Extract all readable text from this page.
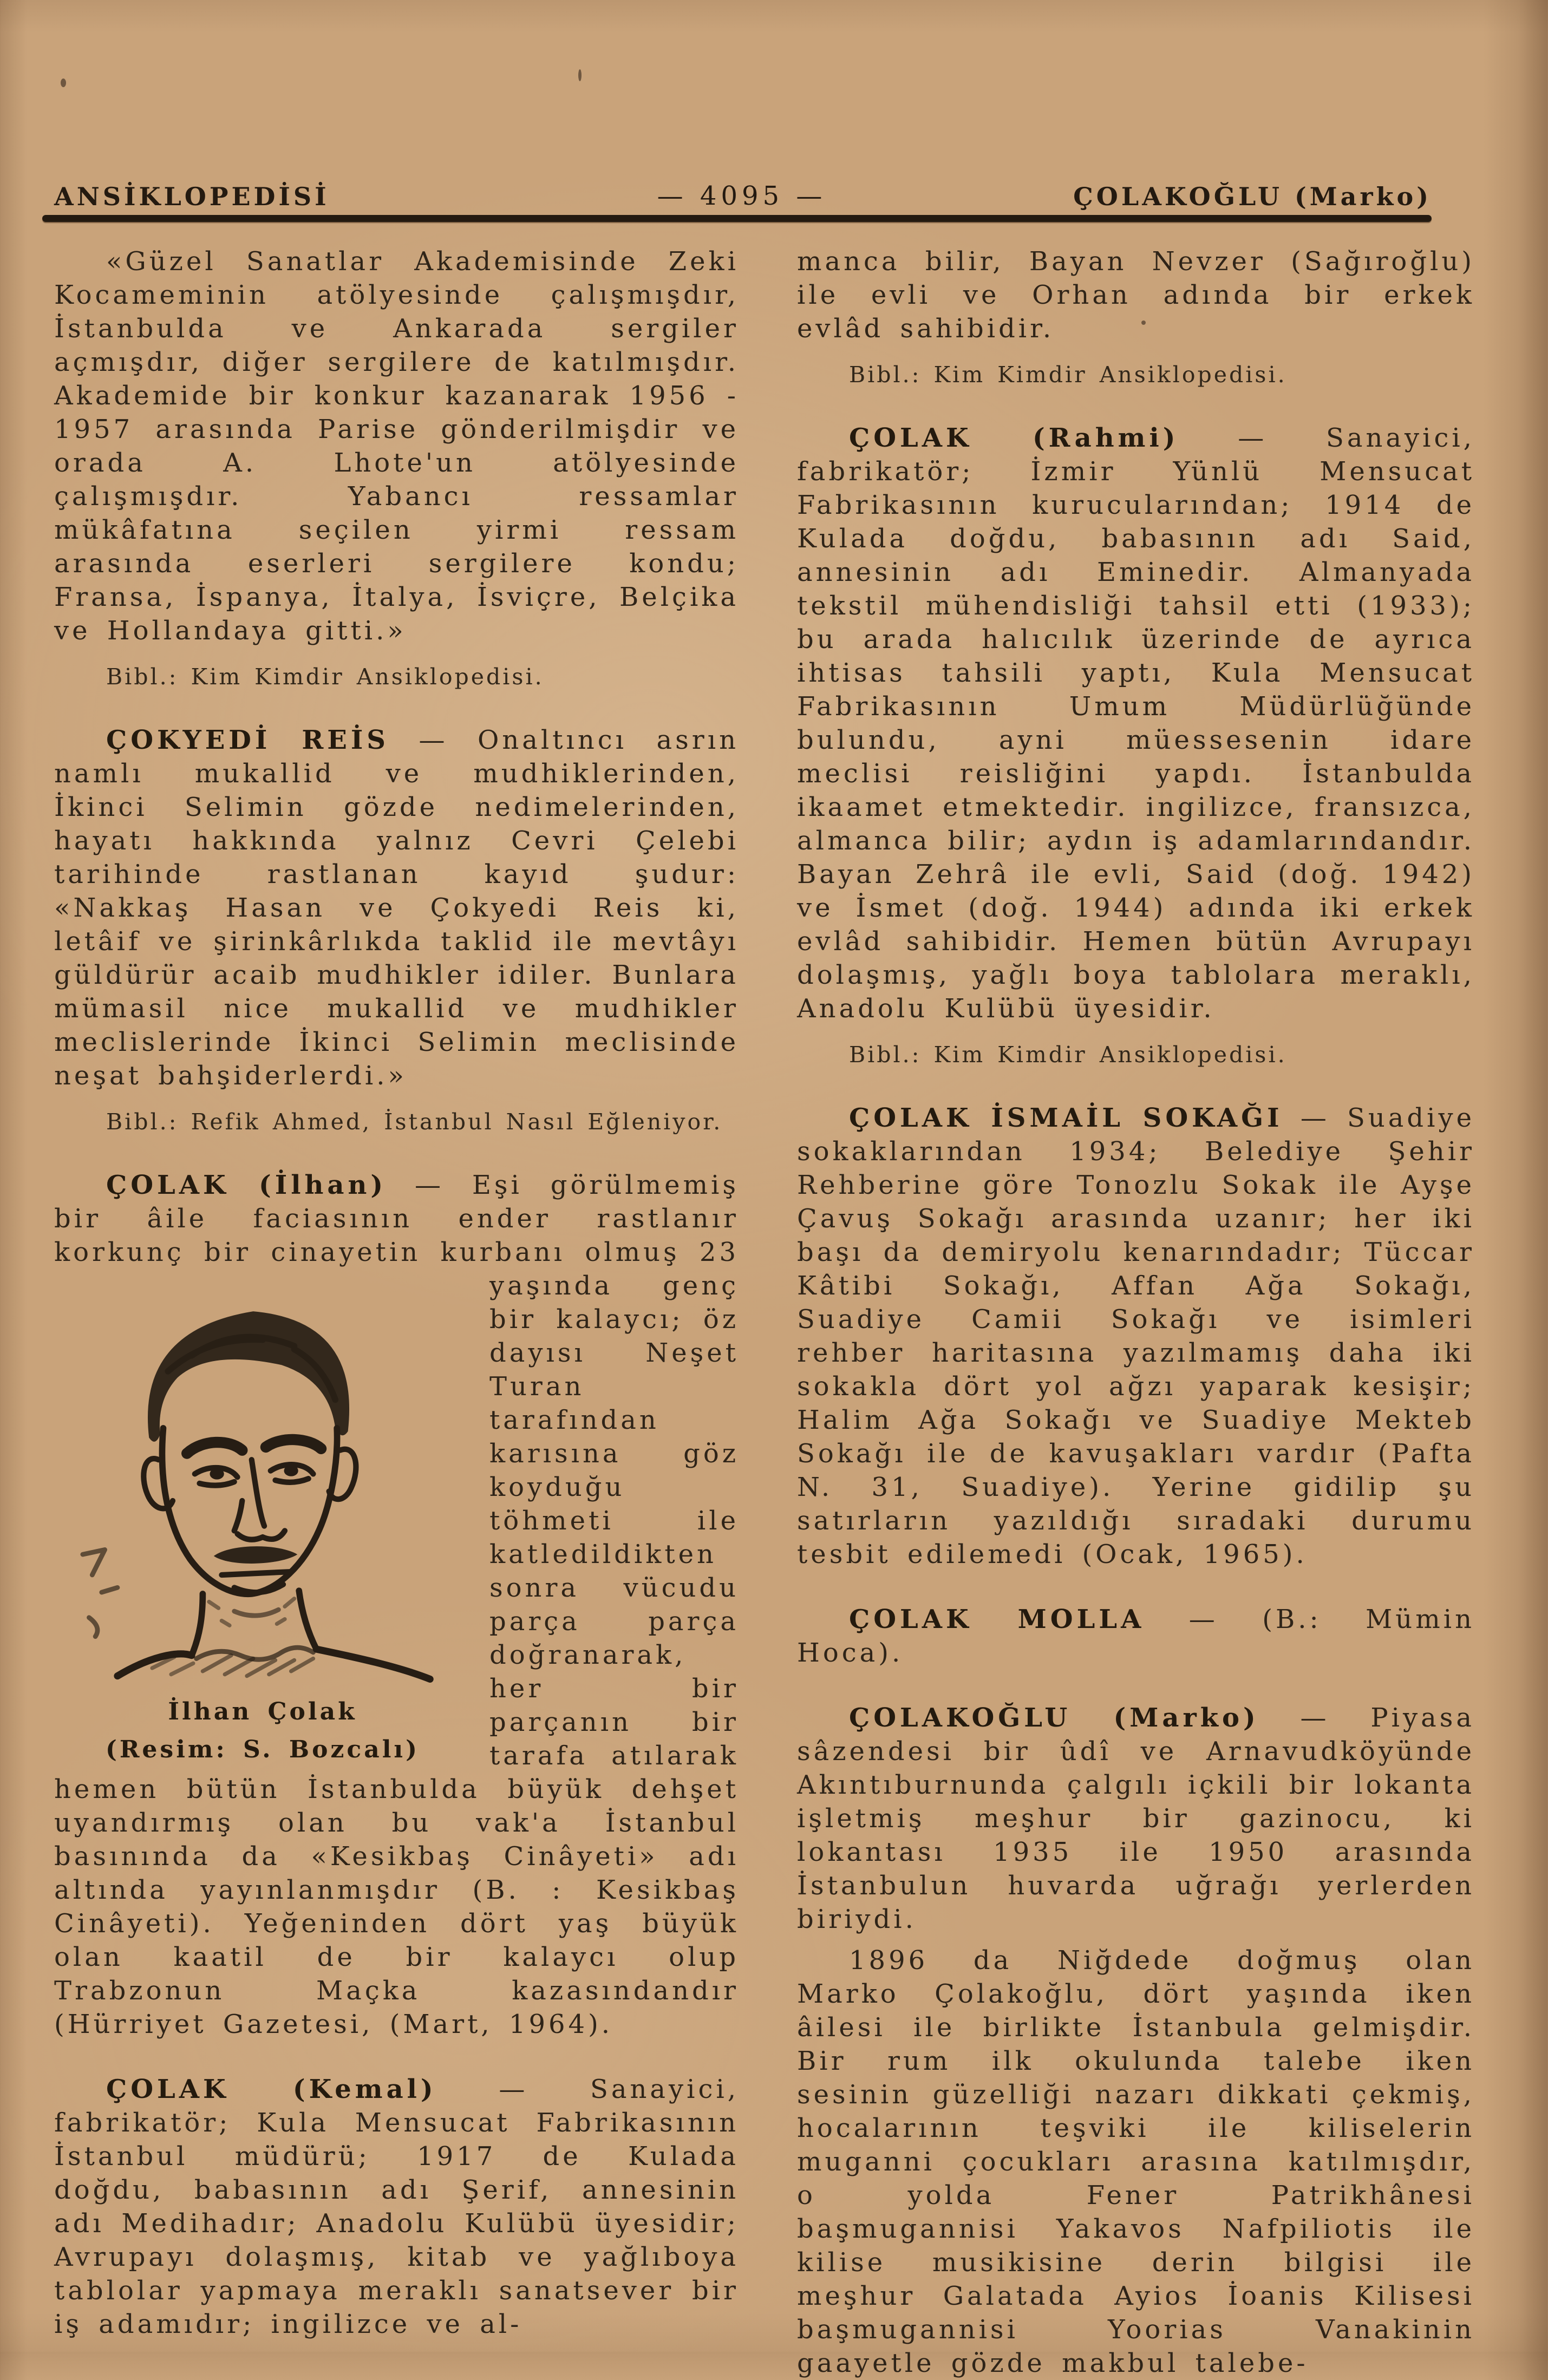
ANSİKLOPEDİSİ	— 4095 —	ÇOLAKOĞLU (Marko)

«Güzel Sanatlar Akademisinde Zeki Kocameminin atölyesinde çalışmışdır, İstanbulda ve Ankarada sergiler açmışdır, diğer sergilere de katılmışdır. Akademide bir konkur kazanarak 1956 - 1957 arasında Parise gönderilmişdir ve orada A. Lhote'un atölyesinde çalışmışdır. Yabancı ressamlar mükâfatına seçilen yirmi ressam arasında eserleri sergilere kondu; Fransa, İspanya, İtalya, İsviçre, Belçika ve Hollandaya gitti.»

Bibl.: Kim Kimdir Ansiklopedisi.

ÇOKYEDİ REİS — Onaltıncı asrın namlı mukallid ve mudhiklerinden, İkinci Selimin gözde nedimelerinden, hayatı hakkında yalnız Cevri Çelebi tarihinde rastlanan kayıd şudur: «Nakkaş Hasan ve Çokyedi Reis ki, letâif ve şirinkârlıkda taklid ile mevtâyı güldürür acaib mudhikler idiler. Bunlara mümasil nice mukallid ve mudhikler meclislerinde İkinci Selimin meclisinde neşat bahşiderlerdi.»

Bibl.: Refik Ahmed, İstanbul Nasıl Eğleniyor.

ÇOLAK (İlhan) — Eşi görülmemiş bir âile faciasının ender rastlanır korkunç bir cinayetin kurbanı olmuş 23 yaşında genç
İlhan Çolak
(Resim: S. Bozcalı)
bir kalaycı; öz dayısı Neşet Turan tarafından karısına göz koyduğu töhmeti ile katledildikten sonra vücudu parça parça doğranarak, her bir parçanın bir tarafa atılarak hemen bütün İstanbulda büyük dehşet uyandırmış olan bu vak'a İstanbul basınında da «Kesikbaş Cinâyeti» adı altında yayınlanmışdır (B. : Kesikbaş Cinâyeti). Yeğeninden dört yaş büyük olan kaatil de bir kalaycı olup Trabzonun Maçka kazasındandır (Hürriyet Gazetesi, (Mart, 1964).

ÇOLAK (Kemal) — Sanayici, fabrikatör; Kula Mensucat Fabrikasının İstanbul müdürü; 1917 de Kulada doğdu, babasının adı Şerif, annesinin adı Medihadır; Anadolu Kulübü üyesidir; Avrupayı dolaşmış, kitab ve yağlıboya tablolar yapmaya meraklı sanatsever bir iş adamıdır; ingilizce ve al-

manca bilir, Bayan Nevzer (Sağıroğlu) ile evli ve Orhan adında bir erkek evlâd sahibidir.

Bibl.: Kim Kimdir Ansiklopedisi.

ÇOLAK (Rahmi) — Sanayici, fabrikatör; İzmir Yünlü Mensucat Fabrikasının kurucularından; 1914 de Kulada doğdu, babasının adı Said, annesinin adı Eminedir. Almanyada tekstil mühendisliği tahsil etti (1933); bu arada halıcılık üzerinde de ayrıca ihtisas tahsili yaptı, Kula Mensucat Fabrikasının Umum Müdürlüğünde bulundu, ayni müessesenin idare meclisi reisliğini yapdı. İstanbulda ikaamet etmektedir. ingilizce, fransızca, almanca bilir; aydın iş adamlarındandır. Bayan Zehrâ ile evli, Said (doğ. 1942) ve İsmet (doğ. 1944) adında iki erkek evlâd sahibidir. Hemen bütün Avrupayı dolaşmış, yağlı boya tablolara meraklı, Anadolu Kulübü üyesidir.

Bibl.: Kim Kimdir Ansiklopedisi.

ÇOLAK İSMAİL SOKAĞI — Suadiye sokaklarından 1934; Belediye Şehir Rehberine göre Tonozlu Sokak ile Ayşe Çavuş Sokağı arasında uzanır; her iki başı da demiryolu kenarındadır; Tüccar Kâtibi Sokağı, Affan Ağa Sokağı, Suadiye Camii Sokağı ve isimleri rehber haritasına yazılmamış daha iki sokakla dört yol ağzı yaparak kesişir; Halim Ağa Sokağı ve Suadiye Mekteb Sokağı ile de kavuşakları vardır (Pafta N. 31, Suadiye). Yerine gidilip şu satırların yazıldığı sıradaki durumu tesbit edilemedi (Ocak, 1965).

ÇOLAK MOLLA — (B.: Mümin Hoca).

ÇOLAKOĞLU (Marko) — Piyasa sâzendesi bir ûdî ve Arnavudköyünde Akıntıburnunda çalgılı içkili bir lokanta işletmiş meşhur bir gazinocu, ki lokantası 1935 ile 1950 arasında İstanbulun huvarda uğrağı yerlerden biriydi.

1896 da Niğdede doğmuş olan Marko Çolakoğlu, dört yaşında iken âilesi ile birlikte İstanbula gelmişdir. Bir rum ilk okulunda talebe iken sesinin güzelliği nazarı dikkati çekmiş, hocalarının teşviki ile kiliselerin muganni çocukları arasına katılmışdır, o yolda Fener Patrikhânesi başmugannisi Yakavos Nafpiliotis ile kilise musikisine derin bilgisi ile meşhur Galatada Ayios İoanis Kilisesi başmugannisi Yoorias Vanakinin gaayetle gözde makbul talebe-
